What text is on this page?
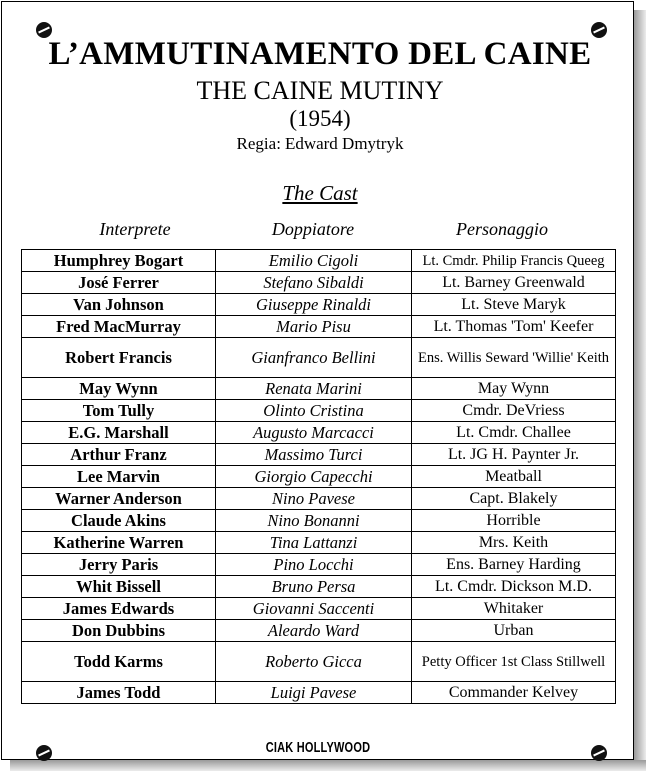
L’AMMUTINAMENTO DEL CAINE
THE CAINE MUTINY
(1954)
Regia: Edward Dmytryk
The Cast
Interprete	Doppiatore	Personaggio
Humphrey Bogart	Emilio Cigoli	Lt. Cmdr. Philip Francis Queeg
José Ferrer	Stefano Sibaldi	Lt. Barney Greenwald
Van Johnson	Giuseppe Rinaldi	Lt. Steve Maryk
Fred MacMurray	Mario Pisu	Lt. Thomas 'Tom' Keefer
Robert Francis	Gianfranco Bellini	Ens. Willis Seward 'Willie' Keith
May Wynn	Renata Marini	May Wynn
Tom Tully	Olinto Cristina	Cmdr. DeVriess
E.G. Marshall	Augusto Marcacci	Lt. Cmdr. Challee
Arthur Franz	Massimo Turci	Lt. JG H. Paynter Jr.
Lee Marvin	Giorgio Capecchi	Meatball
Warner Anderson	Nino Pavese	Capt. Blakely
Claude Akins	Nino Bonanni	Horrible
Katherine Warren	Tina Lattanzi	Mrs. Keith
Jerry Paris	Pino Locchi	Ens. Barney Harding
Whit Bissell	Bruno Persa	Lt. Cmdr. Dickson M.D.
James Edwards	Giovanni Saccenti	Whitaker
Don Dubbins	Aleardo Ward	Urban
Todd Karms	Roberto Gicca	Petty Officer 1st Class Stillwell
James Todd	Luigi Pavese	Commander Kelvey
CIAK HOLLYWOOD
